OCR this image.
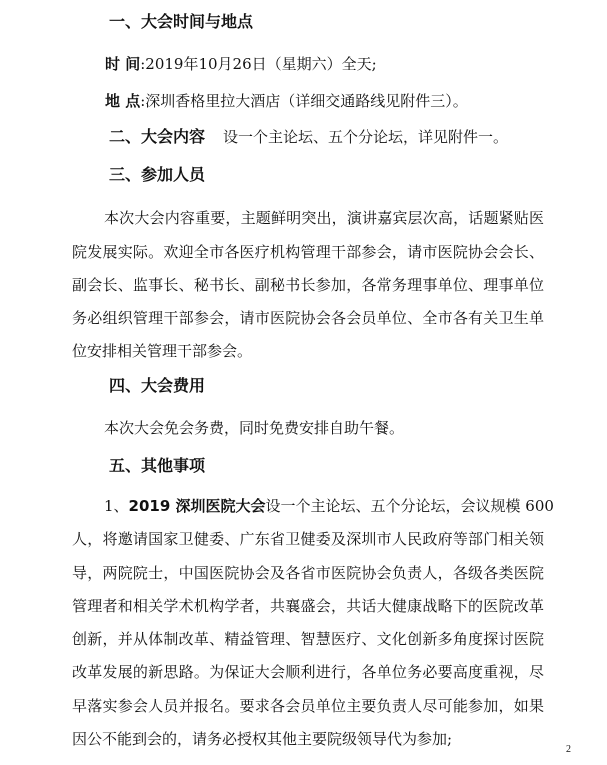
一、大会时间与地点
时 间:2019年10月26日（星期六）全天;
地 点:深圳香格里拉大酒店（详细交通路线见附件三）。
二、大会内容 设一个主论坛、五个分论坛，详见附件一。
三、参加人员
本次大会内容重要，主题鲜明突出，演讲嘉宾层次高，话题紧贴医
院发展实际。欢迎全市各医疗机构管理干部参会，请市医院协会会长、
副会长、监事长、秘书长、副秘书长参加，各常务理事单位、理事单位
务必组织管理干部参会，请市医院协会各会员单位、全市各有关卫生单
位安排相关管理干部参会。
四、大会费用
本次大会免会务费，同时免费安排自助午餐。
五、其他事项
1、2019 深圳医院大会设一个主论坛、五个分论坛，会议规模 600
人，将邀请国家卫健委、广东省卫健委及深圳市人民政府等部门相关领
导，两院院士，中国医院协会及各省市医院协会负责人，各级各类医院
管理者和相关学术机构学者，共襄盛会，共话大健康战略下的医院改革
创新，并从体制改革、精益管理、智慧医疗、文化创新多角度探讨医院
改革发展的新思路。为保证大会顺利进行，各单位务必要高度重视，尽
早落实参会人员并报名。要求各会员单位主要负责人尽可能参加，如果
因公不能到会的，请务必授权其他主要院级领导代为参加;
2
